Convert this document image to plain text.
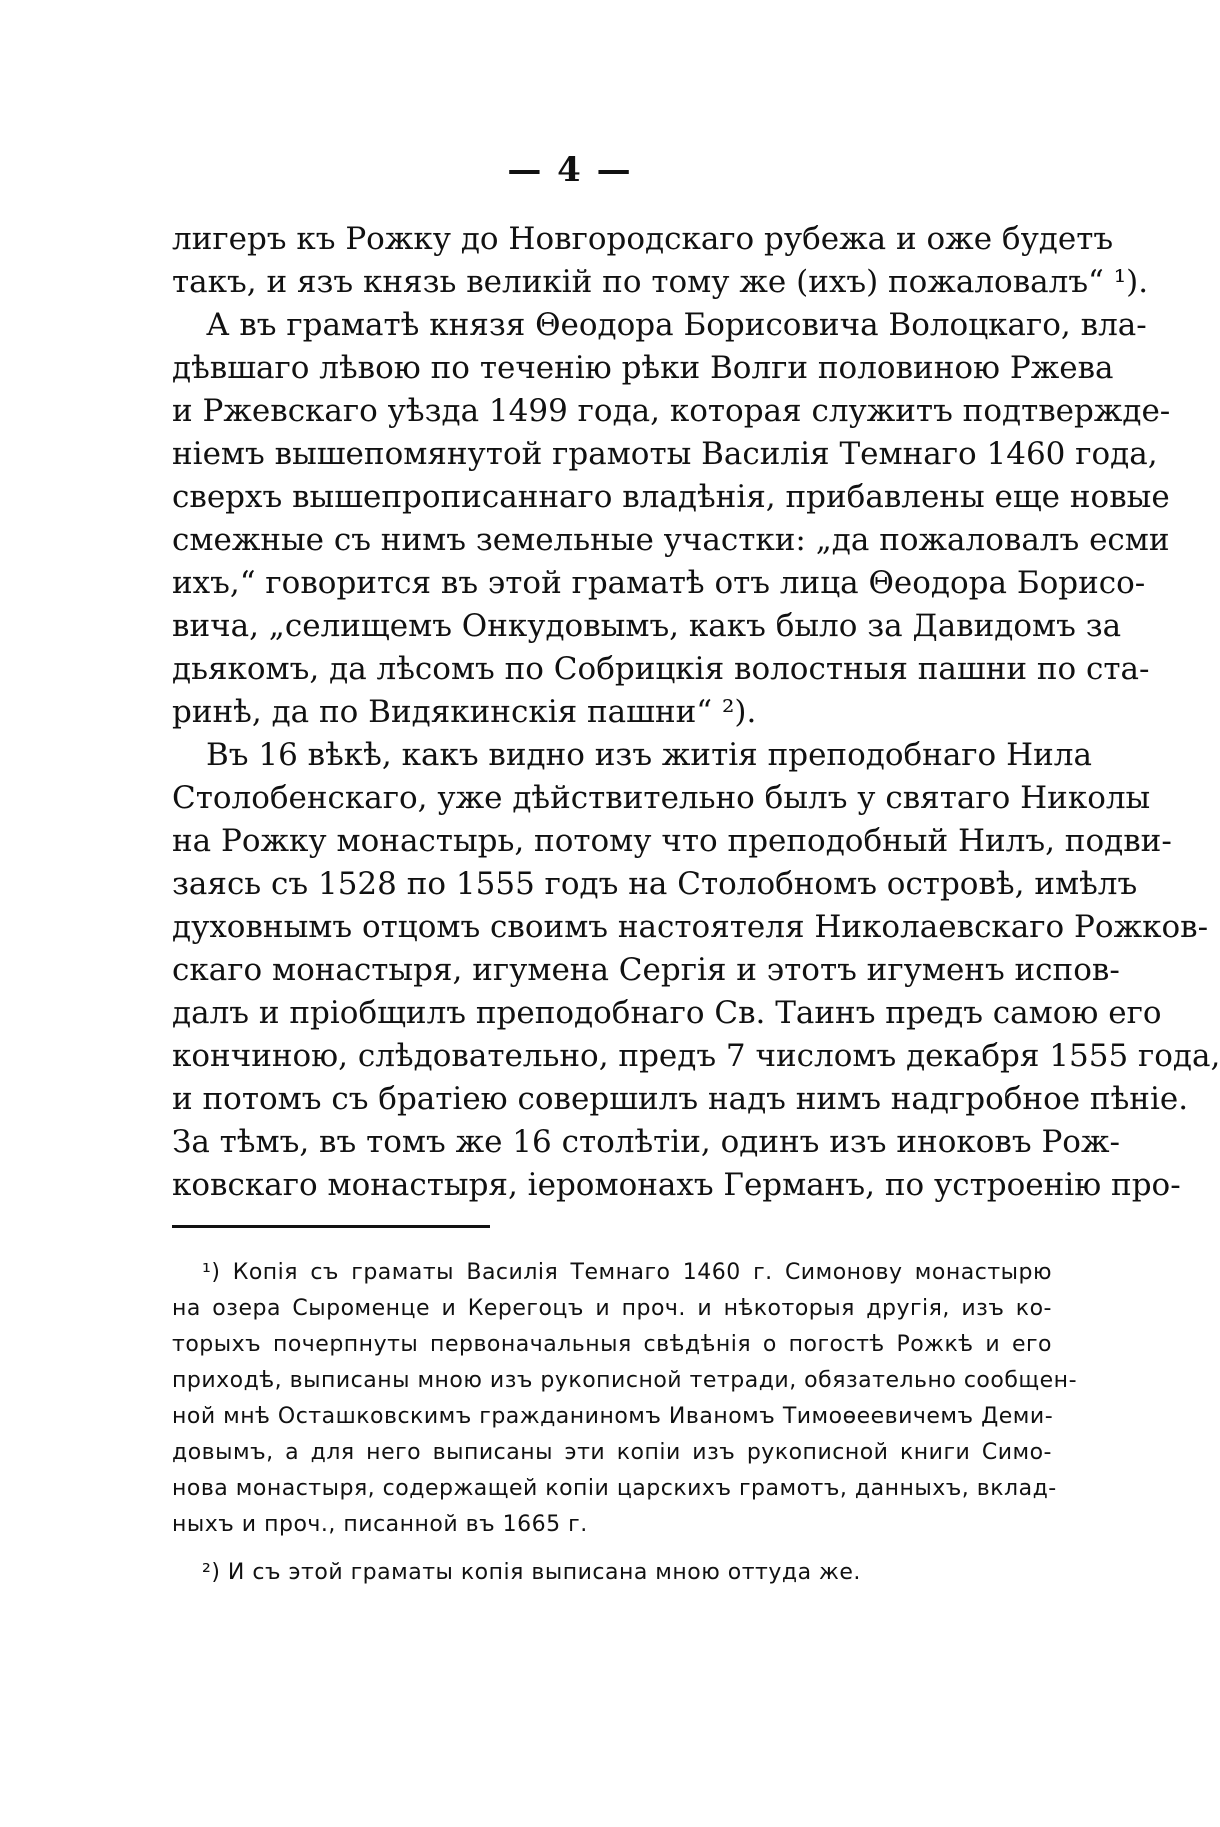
— 4 —
лигеръ къ Рожку до Новгородскаго рубежа и оже будетъ
такъ, и язъ князь великій по тому же (ихъ) пожаловалъ“ ¹).
А въ граматѣ князя Θеодора Борисовича Волоцкаго, вла-
дѣвшаго лѣвою по теченію рѣки Волги половиною Ржева
и Ржевскаго уѣзда 1499 года, которая служитъ подтвержде-
ніемъ вышепомянутой грамоты Василія Темнаго 1460 года,
сверхъ вышепрописаннаго владѣнія, прибавлены еще новые
смежные съ нимъ земельные участки: „да пожаловалъ есми
ихъ,“ говорится въ этой граматѣ отъ лица Θеодора Борисо-
вича, „селищемъ Онкудовымъ, какъ было за Давидомъ за
дьякомъ, да лѣсомъ по Собрицкія волостныя пашни по ста-
ринѣ, да по Видякинскія пашни“ ²).
Въ 16 вѣкѣ, какъ видно изъ житія преподобнаго Нила
Столобенскаго, уже дѣйствительно былъ у святаго Николы
на Рожку монастырь, потому что преподобный Нилъ, подви-
заясь съ 1528 по 1555 годъ на Столобномъ островѣ, имѣлъ
духовнымъ отцомъ своимъ настоятеля Николаевскаго Рожков-
скаго монастыря, игумена Сергія и этотъ игуменъ испов-
далъ и пріобщилъ преподобнаго Св. Таинъ предъ самою его
кончиною, слѣдовательно, предъ 7 числомъ декабря 1555 года,
и потомъ съ братіею совершилъ надъ нимъ надгробное пѣніе.
За тѣмъ, въ томъ же 16 столѣтіи, одинъ изъ иноковъ Рож-
ковскаго монастыря, іеромонахъ Германъ, по устроенію про-
¹) Копія съ граматы Василія Темнаго 1460 г. Симонову монастырю
на озера Сыроменце и Керегоцъ и проч. и нѣкоторыя другія, изъ ко-
торыхъ почерпнуты первоначальныя свѣдѣнія о погостѣ Рожкѣ и его
приходѣ, выписаны мною изъ рукописной тетради, обязательно сообщен-
ной мнѣ Осташковскимъ гражданиномъ Иваномъ Тимоѳеевичемъ Деми-
довымъ, а для него выписаны эти копіи изъ рукописной книги Симо-
нова монастыря, содержащей копіи царскихъ грамотъ, данныхъ, вклад-
ныхъ и проч., писанной въ 1665 г.
²) И съ этой граматы копія выписана мною оттуда же.
